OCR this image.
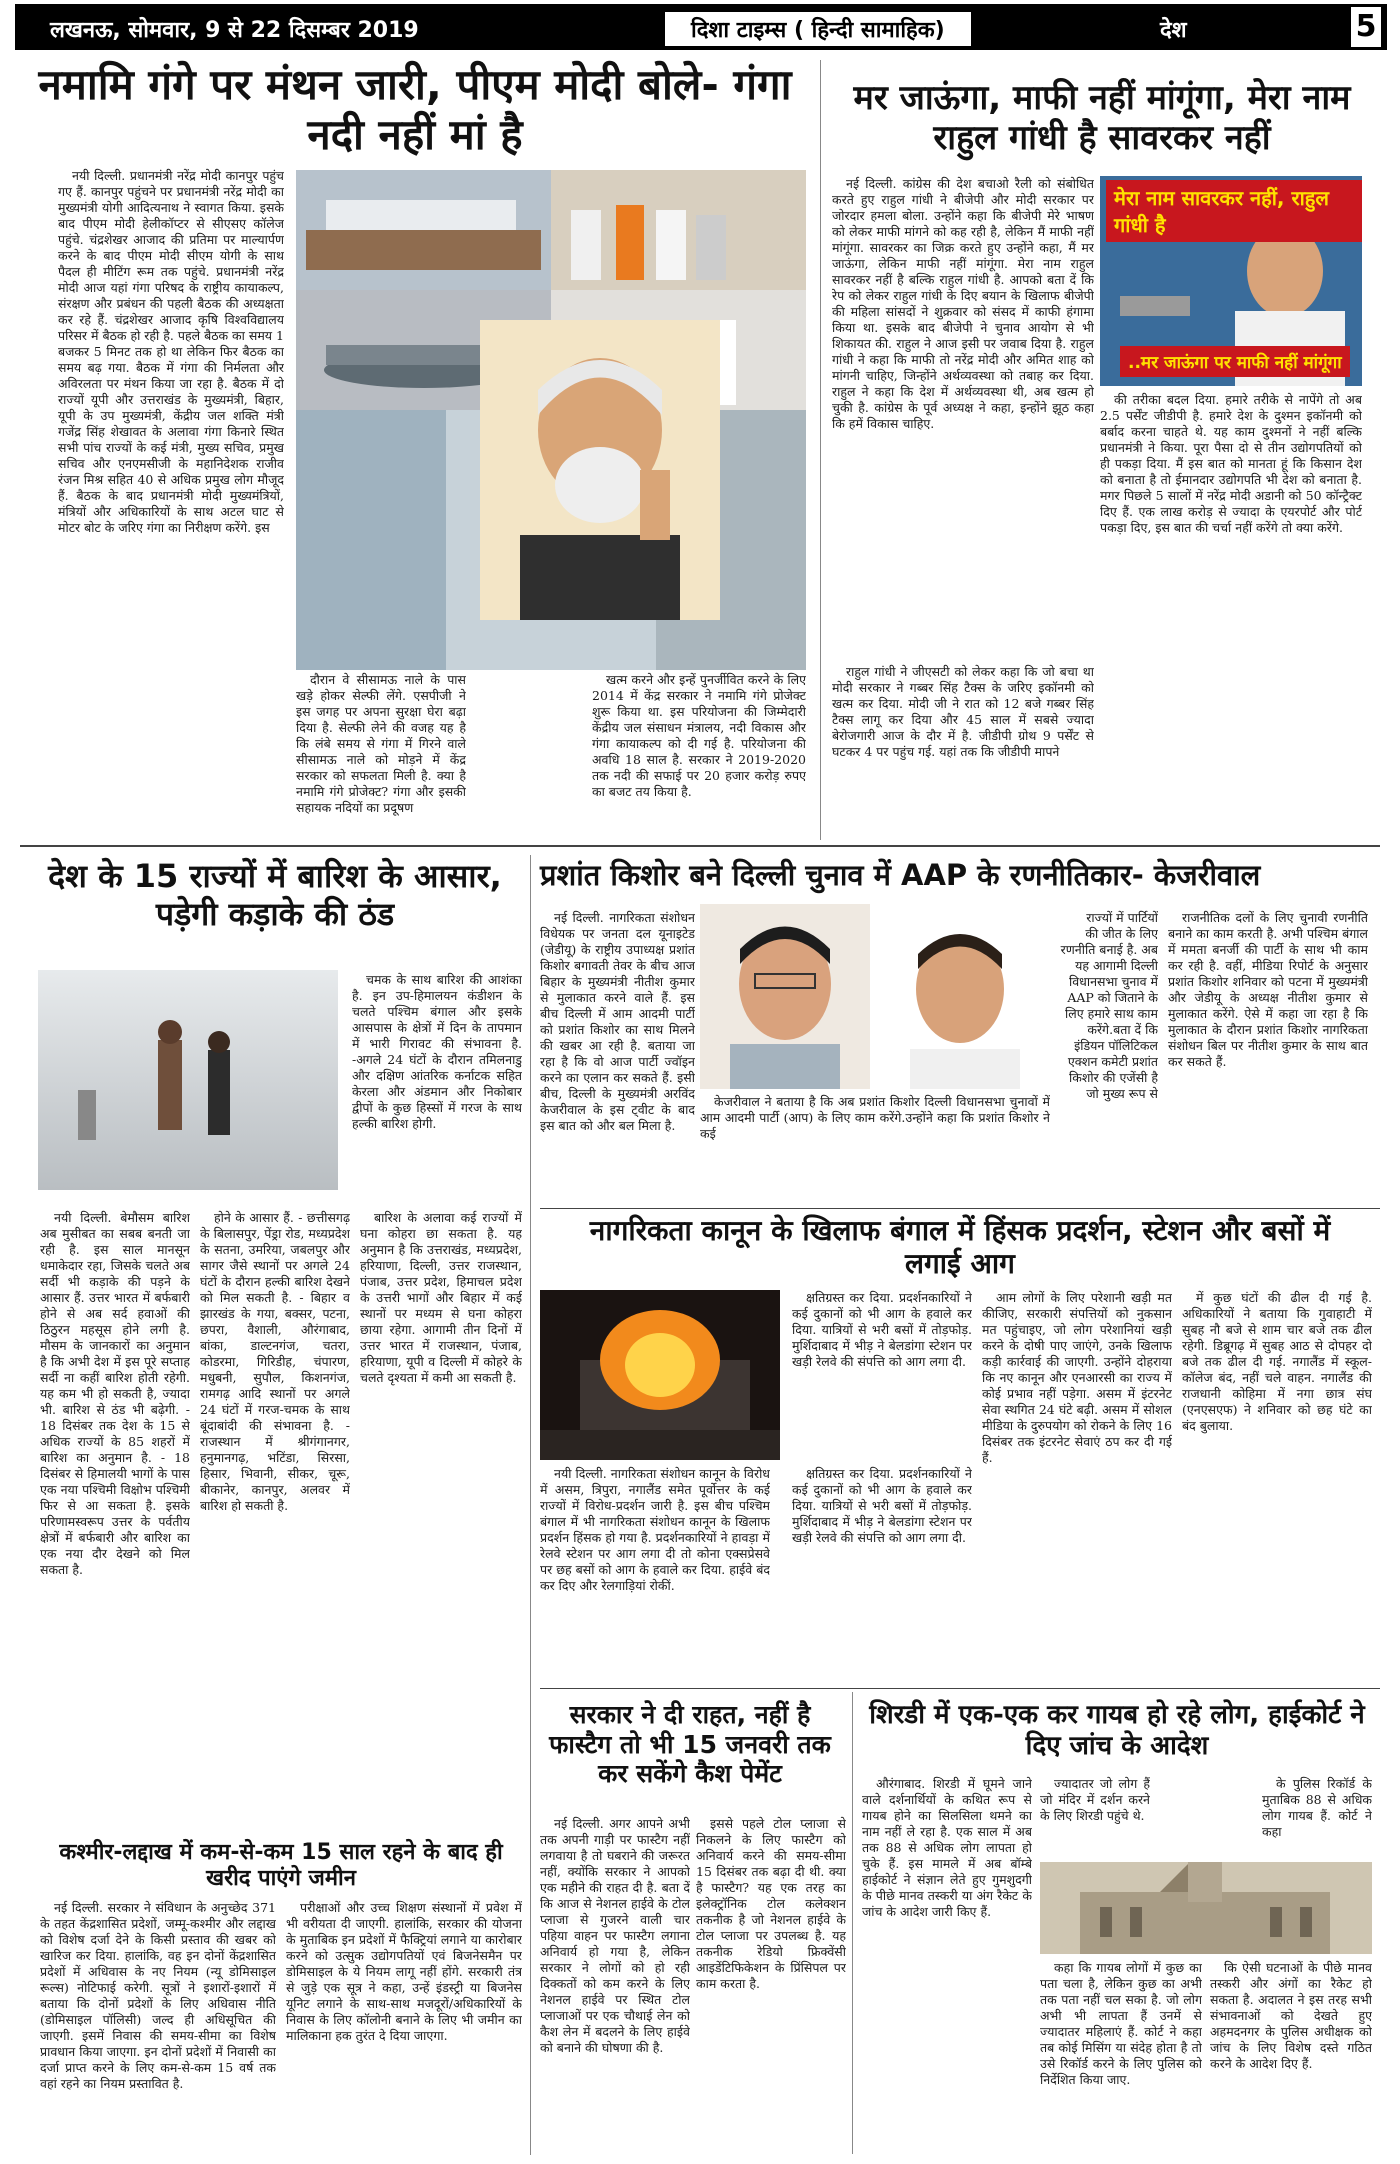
लखनऊ, सोमवार, 9 से 22 दिसम्बर 2019	दिशा टाइम्स ( हिन्दी सामाहिक)	देश	5
नमामि गंगे पर मंथन जारी, पीएम मोदी बोले- गंगा नदी नहीं मां है

नयी दिल्ली. प्रधानमंत्री नरेंद्र मोदी कानपुर पहुंच गए हैं. कानपुर पहुंचने पर प्रधानमंत्री नरेंद्र मोदी का मुख्यमंत्री योगी आदित्यनाथ ने स्वागत किया. इसके बाद पीएम मोदी हेलीकॉप्टर से सीएसए कॉलेज पहुंचे. चंद्रशेखर आजाद की प्रतिमा पर माल्यार्पण करने के बाद पीएम मोदी सीएम योगी के साथ पैदल ही मीटिंग रूम तक पहुंचे. प्रधानमंत्री नरेंद्र मोदी आज यहां गंगा परिषद के राष्ट्रीय कायाकल्प, संरक्षण और प्रबंधन की पहली बैठक की अध्यक्षता कर रहे हैं. चंद्रशेखर आजाद कृषि विश्वविद्यालय परिसर में बैठक हो रही है. पहले बैठक का समय 1 बजकर 5 मिनट तक हो था लेकिन फिर बैठक का समय बढ़ गया. बैठक में गंगा की निर्मलता और अविरलता पर मंथन किया जा रहा है. बैठक में दो राज्यों यूपी और उत्तराखंड के मुख्यमंत्री, बिहार, यूपी के उप मुख्यमंत्री, केंद्रीय जल शक्ति मंत्री गजेंद्र सिंह शेखावत के अलावा गंगा किनारे स्थित सभी पांच राज्यों के कई मंत्री, मुख्य सचिव, प्रमुख सचिव और एनएमसीजी के महानिदेशक राजीव रंजन मिश्र सहित 40 से अधिक प्रमुख लोग मौजूद हैं. बैठक के बाद प्रधानमंत्री मोदी मुख्यमंत्रियों, मंत्रियों और अधिकारियों के साथ अटल घाट से मोटर बोट के जरिए गंगा का निरीक्षण करेंगे. इस

दौरान वे सीसामऊ नाले के पास खड़े होकर सेल्फी लेंगे. एसपीजी ने इस जगह पर अपना सुरक्षा घेरा बढ़ा दिया है. सेल्फी लेने की वजह यह है कि लंबे समय से गंगा में गिरने वाले सीसामऊ नाले को मोड़ने में केंद्र सरकार को सफलता मिली है. क्या है नमामि गंगे प्रोजेक्ट? गंगा और इसकी सहायक नदियों का प्रदूषण

खत्म करने और इन्हें पुनर्जीवित करने के लिए 2014 में केंद्र सरकार ने नमामि गंगे प्रोजेक्ट शुरू किया था. इस परियोजना की जिम्मेदारी केंद्रीय जल संसाधन मंत्रालय, नदी विकास और गंगा कायाकल्प को दी गई है. परियोजना की अवधि 18 साल है. सरकार ने 2019-2020 तक नदी की सफाई पर 20 हजार करोड़ रुपए का बजट तय किया है.

मर जाऊंगा, माफी नहीं मांगूंगा, मेरा नाम राहुल गांधी है सावरकर नहीं

नई दिल्ली. कांग्रेस की देश बचाओ रैली को संबोधित करते हुए राहुल गांधी ने बीजेपी और मोदी सरकार पर जोरदार हमला बोला. उन्होंने कहा कि बीजेपी मेरे भाषण को लेकर माफी मांगने को कह रही है, लेकिन मैं माफी नहीं मांगूंगा. सावरकर का जिक्र करते हुए उन्होंने कहा, मैं मर जाऊंगा, लेकिन माफी नहीं मांगूंगा. मेरा नाम राहुल सावरकर नहीं है बल्कि राहुल गांधी है. आपको बता दें कि रेप को लेकर राहुल गांधी के दिए बयान के खिलाफ बीजेपी की महिला सांसदों ने शुक्रवार को संसद में काफी हंगामा किया था. इसके बाद बीजेपी ने चुनाव आयोग से भी शिकायत की. राहुल ने आज इसी पर जवाब दिया है. राहुल गांधी ने कहा कि माफी तो नरेंद्र मोदी और अमित शाह को मांगनी चाहिए, जिन्होंने अर्थव्यवस्था को तबाह कर दिया. राहुल ने कहा कि देश में अर्थव्यवस्था थी, अब खत्म हो चुकी है. कांग्रेस के पूर्व अध्यक्ष ने कहा, इन्होंने झूठ कहा कि हमें विकास चाहिए.

मेरा नाम सावरकर नहीं, राहुल गांधी है
..मर जाऊंगा पर माफी नहीं मांगूंगा

की तरीका बदल दिया. हमारे तरीके से नापेंगे तो अब 2.5 पर्सेंट जीडीपी है. हमारे देश के दुश्मन इकॉनमी को बर्बाद करना चाहते थे. यह काम दुश्मनों ने नहीं बल्कि प्रधानमंत्री ने किया. पूरा पैसा दो से तीन उद्योगपतियों को ही पकड़ा दिया. मैं इस बात को मानता हूं कि किसान देश को बनाता है तो ईमानदार उद्योगपति भी देश को बनाता है. मगर पिछले 5 सालों में नरेंद्र मोदी अडानी को 50 कॉन्ट्रैक्ट दिए हैं. एक लाख करोड़ से ज्यादा के एयरपोर्ट और पोर्ट पकड़ा दिए, इस बात की चर्चा नहीं करेंगे तो क्या करेंगे.

राहुल गांधी ने जीएसटी को लेकर कहा कि जो बचा था मोदी सरकार ने गब्बर सिंह टैक्स के जरिए इकॉनमी को खत्म कर दिया. मोदी जी ने रात को 12 बजे गब्बर सिंह टैक्स लागू कर दिया और 45 साल में सबसे ज्यादा बेरोजगारी आज के दौर में है. जीडीपी ग्रोथ 9 पर्सेंट से घटकर 4 पर पहुंच गई. यहां तक कि जीडीपी मापने

देश के 15 राज्यों में बारिश के आसार, पड़ेगी कड़ाके की ठंड

चमक के साथ बारिश की आशंका है. इन उप-हिमालयन कंडीशन के चलते पश्चिम बंगाल और इसके आसपास के क्षेत्रों में दिन के तापमान में भारी गिरावट की संभावना है. -अगले 24 घंटों के दौरान तमिलनाडु और दक्षिण आंतरिक कर्नाटक सहित केरला और अंडमान और निकोबार द्वीपों के कुछ हिस्सों में गरज के साथ हल्की बारिश होगी.

नयी दिल्ली. बेमौसम बारिश अब मुसीबत का सबब बनती जा रही है. इस साल मानसून धमाकेदार रहा, जिसके चलते अब सर्दी भी कड़ाके की पड़ने के आसार हैं. उत्तर भारत में बर्फबारी होने से अब सर्द हवाओं की ठिठुरन महसूस होने लगी है. मौसम के जानकारों का अनुमान है कि अभी देश में इस पूरे सप्ताह सर्दी ना कहीं बारिश होती रहेगी. यह कम भी हो सकती है, ज्यादा भी. बारिश से ठंड भी बढ़ेगी. - 18 दिसंबर तक देश के 15 से अधिक राज्यों के 85 शहरों में बारिश का अनुमान है. - 18 दिसंबर से हिमालयी भागों के पास एक नया पश्चिमी विक्षोभ पश्चिमी फिर से आ सकता है. इसके परिणामस्वरूप उत्तर के पर्वतीय क्षेत्रों में बर्फबारी और बारिश का एक नया दौर देखने को मिल सकता है.

होने के आसार हैं. - छत्तीसगढ़ के बिलासपुर, पेंड्रा रोड, मध्यप्रदेश के सतना, उमरिया, जबलपुर और सागर जैसे स्थानों पर अगले 24 घंटों के दौरान हल्की बारिश देखने को मिल सकती है. - बिहार व झारखंड के गया, बक्सर, पटना, छपरा, वैशाली, औरंगाबाद, बांका, डाल्टनगंज, चतरा, कोडरमा, गिरिडीह, चंपारण, मधुबनी, सुपौल, किशनगंज, रामगढ़ आदि स्थानों पर अगले 24 घंटों में गरज-चमक के साथ बूंदाबांदी की संभावना है. - राजस्थान में श्रीगंगानगर, हनुमानगढ़, भटिंडा, सिरसा, हिसार, भिवानी, सीकर, चूरू, बीकानेर, कानपुर, अलवर में बारिश हो सकती है.

बारिश के अलावा कई राज्यों में घना कोहरा छा सकता है. यह अनुमान है कि उत्तराखंड, मध्यप्रदेश, हरियाणा, दिल्ली, उत्तर राजस्थान, पंजाब, उत्तर प्रदेश, हिमाचल प्रदेश के उत्तरी भागों और बिहार में कई स्थानों पर मध्यम से घना कोहरा छाया रहेगा. आगामी तीन दिनों में उत्तर भारत में राजस्थान, पंजाब, हरियाणा, यूपी व दिल्ली में कोहरे के चलते दृश्यता में कमी आ सकती है.

कश्मीर-लद्दाख में कम-से-कम 15 साल रहने के बाद ही खरीद पाएंगे जमीन

नई दिल्ली. सरकार ने संविधान के अनुच्छेद 371 के तहत केंद्रशासित प्रदेशों, जम्मू-कश्मीर और लद्दाख को विशेष दर्जा देने के किसी प्रस्ताव की खबर को खारिज कर दिया. हालांकि, वह इन दोनों केंद्रशासित प्रदेशों में अधिवास के नए नियम (न्यू डोमिसाइल रूल्स) नोटिफाई करेगी. सूत्रों ने इशारों-इशारों में बताया कि दोनों प्रदेशों के लिए अधिवास नीति (डोमिसाइल पॉलिसी) जल्द ही अधिसूचित की जाएगी. इसमें निवास की समय-सीमा का विशेष प्रावधान किया जाएगा. इन दोनों प्रदेशों में निवासी का दर्जा प्राप्त करने के लिए कम-से-कम 15 वर्ष तक वहां रहने का नियम प्रस्तावित है.

परीक्षाओं और उच्च शिक्षण संस्थानों में प्रवेश में भी वरीयता दी जाएगी. हालांकि, सरकार की योजना के मुताबिक इन प्रदेशों में फैक्ट्रियां लगाने या कारोबार करने को उत्सुक उद्योगपतियों एवं बिजनेसमैन पर डोमिसाइल के ये नियम लागू नहीं होंगे. सरकारी तंत्र से जुड़े एक सूत्र ने कहा, उन्हें इंडस्ट्री या बिजनेस यूनिट लगाने के साथ-साथ मजदूरों/अधिकारियों के निवास के लिए कॉलोनी बनाने के लिए भी जमीन का मालिकाना हक तुरंत दे दिया जाएगा.

प्रशांत किशोर बने दिल्ली चुनाव में AAP के रणनीतिकार- केजरीवाल

नई दिल्ली. नागरिकता संशोधन विधेयक पर जनता दल यूनाइटेड (जेडीयू) के राष्ट्रीय उपाध्यक्ष प्रशांत किशोर बगावती तेवर के बीच आज बिहार के मुख्यमंत्री नीतीश कुमार से मुलाकात करने वाले हैं. इस बीच दिल्ली में आम आदमी पार्टी को प्रशांत किशोर का साथ मिलने की खबर आ रही है. बताया जा रहा है कि वो आज पार्टी ज्वॉइन करने का एलान कर सकते हैं. इसी बीच, दिल्ली के मुख्यमंत्री अरविंद केजरीवाल के इस ट्वीट के बाद इस बात को और बल मिला है.

राज्यों में पार्टियों की जीत के लिए रणनीति बनाई है. अब यह आगामी दिल्ली विधानसभा चुनाव में AAP को जिताने के लिए हमारे साथ काम करेंगे.बता दें कि इंडियन पॉलिटिकल एक्शन कमेटी प्रशांत किशोर की एजेंसी है जो मुख्य रूप से

केजरीवाल ने बताया है कि अब प्रशांत किशोर दिल्ली विधानसभा चुनावों में आम आदमी पार्टी (आप) के लिए काम करेंगे.उन्होंने कहा कि प्रशांत किशोर ने कई

राजनीतिक दलों के लिए चुनावी रणनीति बनाने का काम करती है. अभी पश्चिम बंगाल में ममता बनर्जी की पार्टी के साथ भी काम कर रही है. वहीं, मीडिया रिपोर्ट के अनुसार प्रशांत किशोर शनिवार को पटना में मुख्यमंत्री और जेडीयू के अध्यक्ष नीतीश कुमार से मुलाकात करेंगे. ऐसे में कहा जा रहा है कि मुलाकात के दौरान प्रशांत किशोर नागरिकता संशोधन बिल पर नीतीश कुमार के साथ बात कर सकते हैं.

नागरिकता कानून के खिलाफ बंगाल में हिंसक प्रदर्शन, स्टेशन और बसों में लगाई आग

क्षतिग्रस्त कर दिया. प्रदर्शनकारियों ने कई दुकानों को भी आग के हवाले कर दिया. यात्रियों से भरी बसों में तोड़फोड़. मुर्शिदाबाद में भीड़ ने बेलडांगा स्टेशन पर खड़ी रेलवे की संपत्ति को आग लगा दी.

नयी दिल्ली. नागरिकता संशोधन कानून के विरोध में असम, त्रिपुरा, नगालैंड समेत पूर्वोत्तर के कई राज्यों में विरोध-प्रदर्शन जारी है. इस बीच पश्चिम बंगाल में भी नागरिकता संशोधन कानून के खिलाफ प्रदर्शन हिंसक हो गया है. प्रदर्शनकारियों ने हावड़ा में रेलवे स्टेशन पर आग लगा दी तो कोना एक्सप्रेसवे पर छह बसों को आग के हवाले कर दिया. हाईवे बंद कर दिए और रेलगाड़ियां रोकीं.

क्षतिग्रस्त कर दिया. प्रदर्शनकारियों ने कई दुकानों को भी आग के हवाले कर दिया. यात्रियों से भरी बसों में तोड़फोड़. मुर्शिदाबाद में भीड़ ने बेलडांगा स्टेशन पर खड़ी रेलवे की संपत्ति को आग लगा दी.

आम लोगों के लिए परेशानी खड़ी मत कीजिए, सरकारी संपत्तियों को नुकसान मत पहुंचाइए, जो लोग परेशानियां खड़ी करने के दोषी पाए जाएंगे, उनके खिलाफ कड़ी कार्रवाई की जाएगी. उन्होंने दोहराया कि नए कानून और एनआरसी का राज्य में कोई प्रभाव नहीं पड़ेगा. असम में इंटरनेट सेवा स्थगित 24 घंटे बढ़ी. असम में सोशल मीडिया के दुरुपयोग को रोकने के लिए 16 दिसंबर तक इंटरनेट सेवाएं ठप कर दी गई हैं.

में कुछ घंटों की ढील दी गई है. अधिकारियों ने बताया कि गुवाहाटी में सुबह नौ बजे से शाम चार बजे तक ढील रहेगी. डिब्रूगढ़ में सुबह आठ से दोपहर दो बजे तक ढील दी गई. नगालैंड में स्कूल-कॉलेज बंद, नहीं चले वाहन. नगालैंड की राजधानी कोहिमा में नगा छात्र संघ (एनएसएफ) ने शनिवार को छह घंटे का बंद बुलाया.

सरकार ने दी राहत, नहीं है फास्टैग तो भी 15 जनवरी तक कर सकेंगे कैश पेमेंट

नई दिल्ली. अगर आपने अभी तक अपनी गाड़ी पर फास्टैग नहीं लगवाया है तो घबराने की जरूरत नहीं, क्योंकि सरकार ने आपको एक महीने की राहत दी है. बता दें कि आज से नेशनल हाईवे के टोल प्लाजा से गुजरने वाली चार पहिया वाहन पर फास्टैग लगाना अनिवार्य हो गया है, लेकिन सरकार ने लोगों को हो रही दिक्कतों को कम करने के लिए नेशनल हाईवे पर स्थित टोल प्लाजाओं पर एक चौथाई लेन को कैश लेन में बदलने के लिए हाईवे को बनाने की घोषणा की है.

इससे पहले टोल प्लाजा से निकलने के लिए फास्टैग को अनिवार्य करने की समय-सीमा 15 दिसंबर तक बढ़ा दी थी. क्या है फास्टैग? यह एक तरह का इलेक्ट्रॉनिक टोल कलेक्शन तकनीक है जो नेशनल हाईवे के टोल प्लाजा पर उपलब्ध है. यह तकनीक रेडियो फ्रिक्वेंसी आइडेंटिफिकेशन के प्रिंसिपल पर काम करता है.

शिरडी में एक-एक कर गायब हो रहे लोग, हाईकोर्ट ने दिए जांच के आदेश

औरंगाबाद. शिरडी में घूमने जाने वाले दर्शनार्थियों के कथित रूप से गायब होने का सिलसिला थमने का नाम नहीं ले रहा है. एक साल में अब तक 88 से अधिक लोग लापता हो चुके हैं. इस मामले में अब बॉम्बे हाईकोर्ट ने संज्ञान लेते हुए गुमशुदगी के पीछे मानव तस्करी या अंग रैकेट के जांच के आदेश जारी किए हैं.

ज्यादातर जो लोग हैं जो मंदिर में दर्शन करने के लिए शिरडी पहुंचे थे.

के पुलिस रिकॉर्ड के मुताबिक 88 से अधिक लोग गायब हैं. कोर्ट ने कहा

कहा कि गायब लोगों में कुछ का पता चला है, लेकिन कुछ का अभी तक पता नहीं चल सका है. जो लोग अभी भी लापता हैं उनमें से ज्यादातर महिलाएं हैं. कोर्ट ने कहा तब कोई मिसिंग या संदेह होता है तो उसे रिकॉर्ड करने के लिए पुलिस को निर्देशित किया जाए.

कि ऐसी घटनाओं के पीछे मानव तस्करी और अंगों का रैकेट हो सकता है. अदालत ने इस तरह सभी संभावनाओं को देखते हुए अहमदनगर के पुलिस अधीक्षक को जांच के लिए विशेष दस्ते गठित करने के आदेश दिए हैं.
